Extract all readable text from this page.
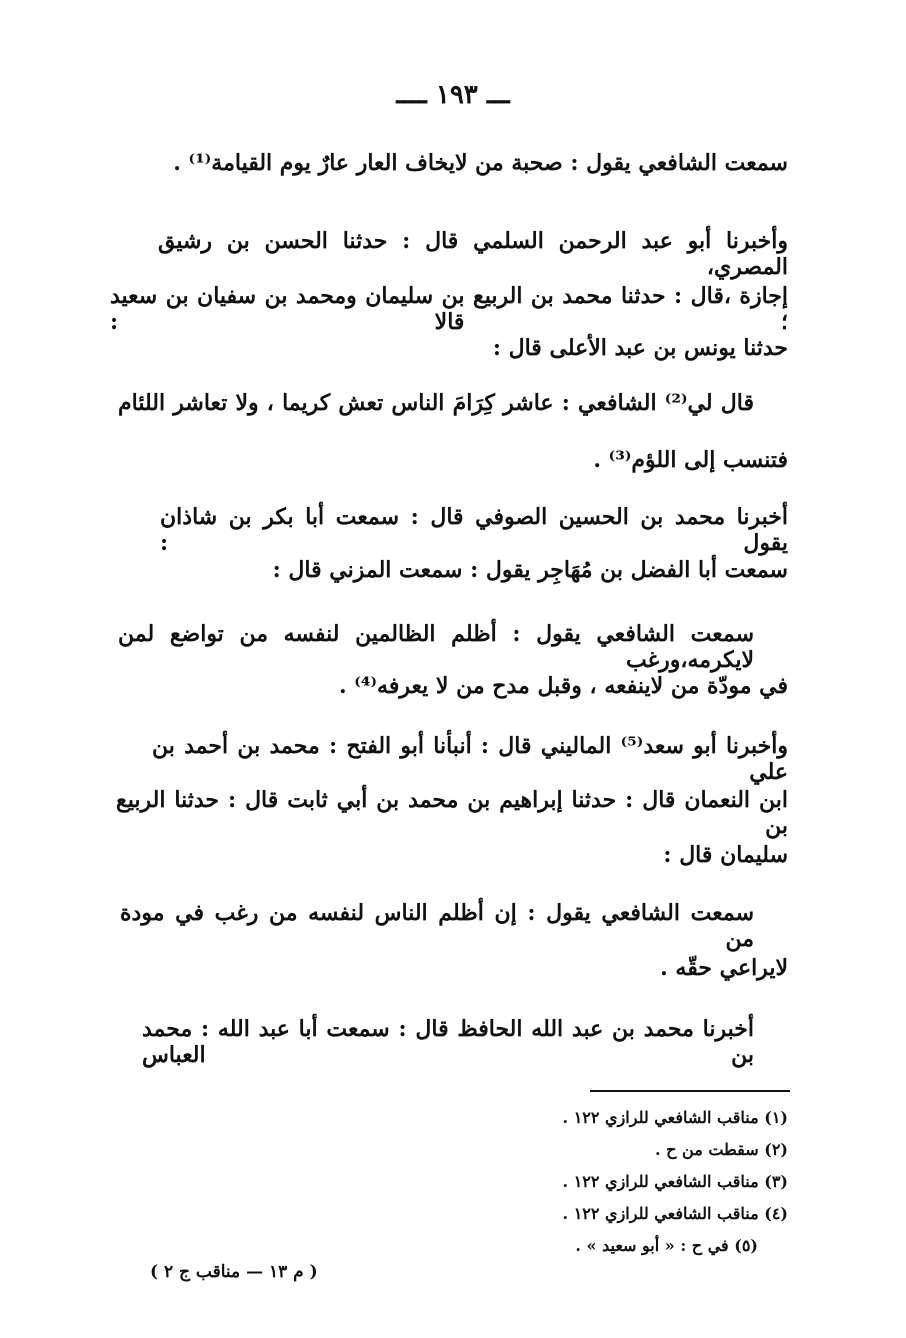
ـــ ١٩٣ ــــ
سمعت الشافعي يقول : صحبة من لايخاف العار عارٌ يوم القيامة⁽¹⁾ .
وأخبرنا أبو عبد الرحمن السلمي قال : حدثنا الحسن بن رشيق المصري،
إجازة ،قال : حدثنا محمد بن الربيع بن سليمان ومحمد بن سفيان بن سعيد ؛ قالا :
حدثنا يونس بن عبد الأعلى قال :
قال لي⁽²⁾ الشافعي : عاشر كِرَامَ الناس تعش كريما ، ولا تعاشر اللئام
فتنسب إلى اللؤم⁽³⁾ .
أخبرنا محمد بن الحسين الصوفي قال : سمعت أبا بكر بن شاذان يقول :
سمعت أبا الفضل بن مُهَاجِر يقول : سمعت المزني قال :
سمعت الشافعي يقول : أظلم الظالمين لنفسه من تواضع لمن لايكرمه،ورغب
في مودّة من لاينفعه ، وقبل مدح من لا يعرفه⁽⁴⁾ .
وأخبرنا أبو سعد⁽⁵⁾ الماليني قال : أنبأنا أبو الفتح : محمد بن أحمد بن علي
ابن النعمان قال : حدثنا إبراهيم بن محمد بن أبي ثابت قال : حدثنا الربيع بن
سليمان قال :
سمعت الشافعي يقول : إن أظلم الناس لنفسه من رغب في مودة من
لايراعي حقّه .
أخبرنا محمد بن عبد الله الحافظ قال : سمعت أبا عبد الله : محمد بن العباس
(١) مناقب الشافعي للرازي ١٢٢ .
(٢) سقطت من ح .
(٣) مناقب الشافعي للرازي ١٢٢ .
(٤) مناقب الشافعي للرازي ١٢٢ .
(٥) في ح : « أبو سعيد » .
( م ١٣ — مناقب ج ٢ )
